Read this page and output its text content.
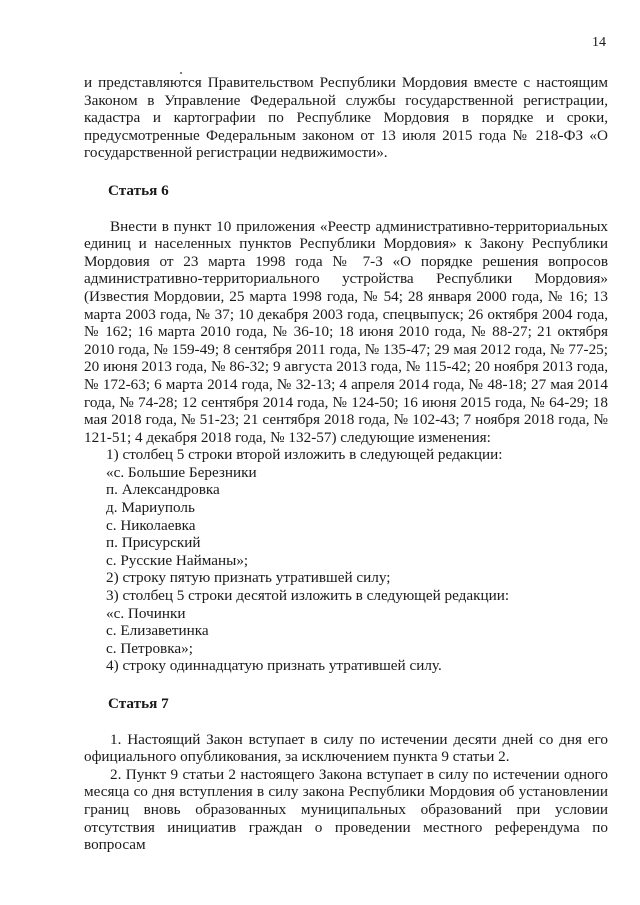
14

и представляются Правительством Республики Мордовия вместе с настоящим Законом в Управление Федеральной службы государственной регистрации, кадастра и картографии по Республике Мордовия в порядке и сроки, предусмотренные Федеральным законом от 13 июля 2015 года № 218-ФЗ «О государственной регистрации недвижимости».

Статья 6

Внести в пункт 10 приложения «Реестр административно-территориальных единиц и населенных пунктов Республики Мордовия» к Закону Республики Мордовия от 23 марта 1998 года № 7-З «О порядке решения вопросов административно-территориального устройства Республики Мордовия» (Известия Мордовии, 25 марта 1998 года, № 54; 28 января 2000 года, № 16; 13 марта 2003 года, № 37; 10 декабря 2003 года, спецвыпуск; 26 октября 2004 года, № 162; 16 марта 2010 года, № 36-10; 18 июня 2010 года, № 88-27; 21 октября 2010 года, № 159-49; 8 сентября 2011 года, № 135-47; 29 мая 2012 года, № 77-25; 20 июня 2013 года, № 86-32; 9 августа 2013 года, № 115-42; 20 ноября 2013 года, № 172-63; 6 марта 2014 года, № 32-13; 4 апреля 2014 года, № 48-18; 27 мая 2014 года, № 74-28; 12 сентября 2014 года, № 124-50; 16 июня 2015 года, № 64-29; 18 мая 2018 года, № 51-23; 21 сентября 2018 года, № 102-43; 7 ноября 2018 года, № 121-51; 4 декабря 2018 года, № 132-57) следующие изменения:

1) столбец 5 строки второй изложить в следующей редакции:

«с. Большие Березники

п. Александровка

д. Мариуполь

с. Николаевка

п. Присурский

с. Русские Найманы»;

2) строку пятую признать утратившей силу;

3) столбец 5 строки десятой изложить в следующей редакции:

«с. Починки

с. Елизаветинка

с. Петровка»;

4) строку одиннадцатую признать утратившей силу.

Статья 7

1. Настоящий Закон вступает в силу по истечении десяти дней со дня его официального опубликования, за исключением пункта 9 статьи 2.

2. Пункт 9 статьи 2 настоящего Закона вступает в силу по истечении одного месяца со дня вступления в силу закона Республики Мордовия об установлении границ вновь образованных муниципальных образований при условии отсутствия инициатив граждан о проведении местного референдума по вопросам
